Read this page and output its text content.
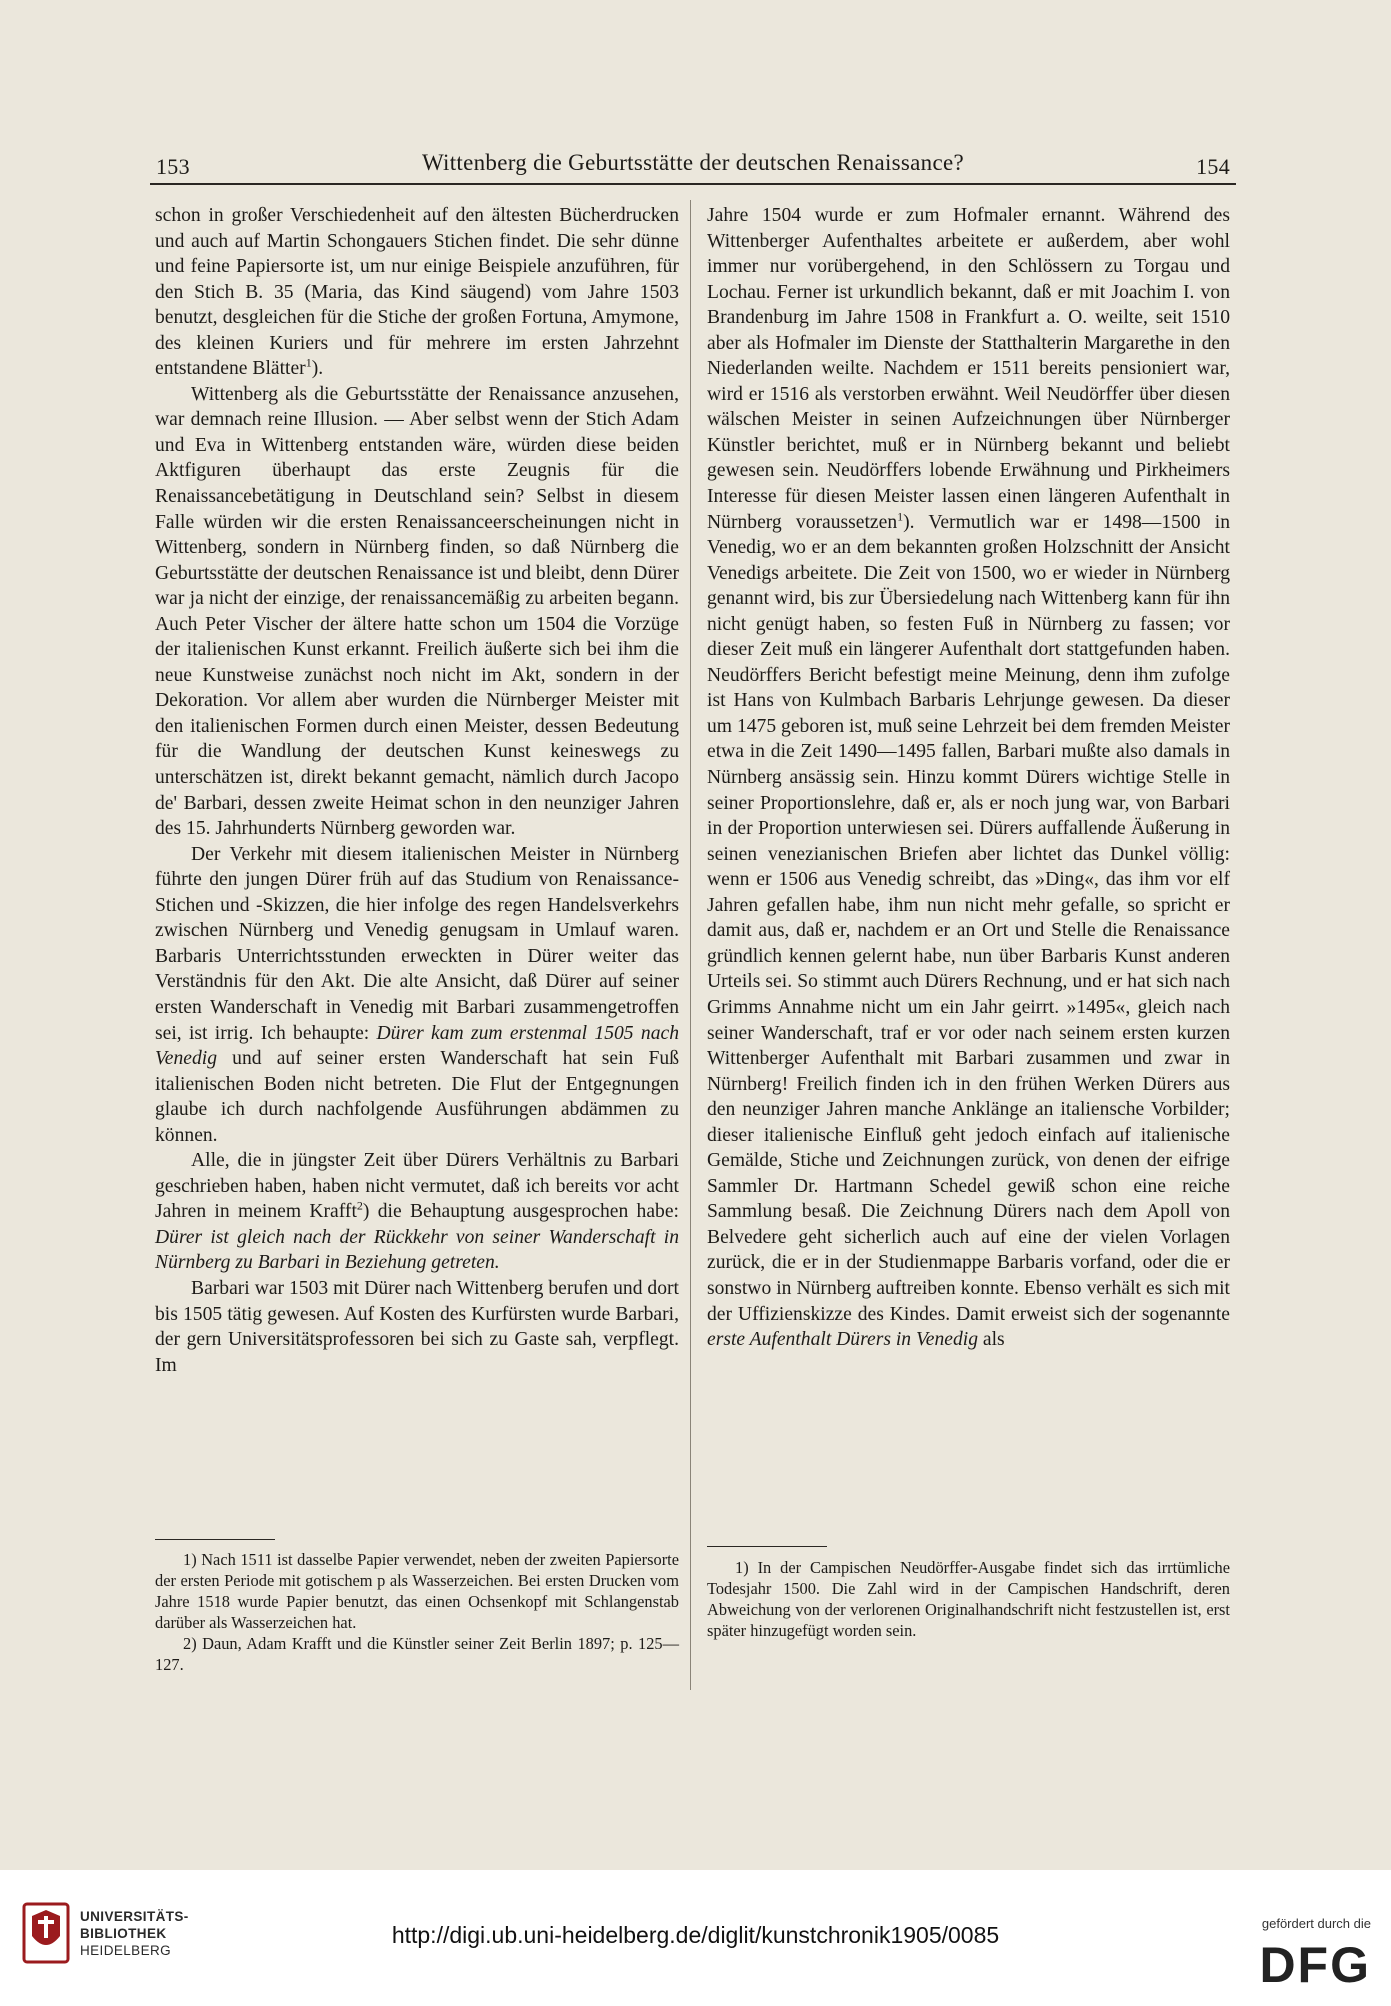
153	Wittenberg die Geburtsstätte der deutschen Renaissance?	154

schon in großer Verschiedenheit auf den ältesten Bücherdrucken und auch auf Martin Schongauers Stichen findet. Die sehr dünne und feine Papiersorte ist, um nur einige Beispiele anzuführen, für den Stich B. 35 (Maria, das Kind säugend) vom Jahre 1503 benutzt, desgleichen für die Stiche der großen Fortuna, Amymone, des kleinen Kuriers und für mehrere im ersten Jahrzehnt entstandene Blätter$^1$).

Wittenberg als die Geburtsstätte der Renaissance anzusehen, war demnach reine Illusion. — Aber selbst wenn der Stich Adam und Eva in Wittenberg entstanden wäre, würden diese beiden Aktfiguren überhaupt das erste Zeugnis für die Renaissancebetätigung in Deutschland sein? Selbst in diesem Falle würden wir die ersten Renaissanceerscheinungen nicht in Wittenberg, sondern in Nürnberg finden, so daß Nürnberg die Geburtsstätte der deutschen Renaissance ist und bleibt, denn Dürer war ja nicht der einzige, der renaissancemäßig zu arbeiten begann. Auch Peter Vischer der ältere hatte schon um 1504 die Vorzüge der italienischen Kunst erkannt. Freilich äußerte sich bei ihm die neue Kunstweise zunächst noch nicht im Akt, sondern in der Dekoration. Vor allem aber wurden die Nürnberger Meister mit den italienischen Formen durch einen Meister, dessen Bedeutung für die Wandlung der deutschen Kunst keineswegs zu unterschätzen ist, direkt bekannt gemacht, nämlich durch Jacopo de' Barbari, dessen zweite Heimat schon in den neunziger Jahren des 15. Jahrhunderts Nürnberg geworden war.

Der Verkehr mit diesem italienischen Meister in Nürnberg führte den jungen Dürer früh auf das Studium von Renaissance-Stichen und -Skizzen, die hier infolge des regen Handelsverkehrs zwischen Nürnberg und Venedig genugsam in Umlauf waren. Barbaris Unterrichtsstunden erweckten in Dürer weiter das Verständnis für den Akt. Die alte Ansicht, daß Dürer auf seiner ersten Wanderschaft in Venedig mit Barbari zusammengetroffen sei, ist irrig. Ich behaupte: Dürer kam zum erstenmal 1505 nach Venedig und auf seiner ersten Wanderschaft hat sein Fuß italienischen Boden nicht betreten. Die Flut der Entgegnungen glaube ich durch nachfolgende Ausführungen abdämmen zu können.

Alle, die in jüngster Zeit über Dürers Verhältnis zu Barbari geschrieben haben, haben nicht vermutet, daß ich bereits vor acht Jahren in meinem Krafft$^2$) die Behauptung ausgesprochen habe: Dürer ist gleich nach der Rückkehr von seiner Wanderschaft in Nürnberg zu Barbari in Beziehung getreten.

Barbari war 1503 mit Dürer nach Wittenberg berufen und dort bis 1505 tätig gewesen. Auf Kosten des Kurfürsten wurde Barbari, der gern Universitätsprofessoren bei sich zu Gaste sah, verpflegt. Im

Jahre 1504 wurde er zum Hofmaler ernannt. Während des Wittenberger Aufenthaltes arbeitete er außerdem, aber wohl immer nur vorübergehend, in den Schlössern zu Torgau und Lochau. Ferner ist urkundlich bekannt, daß er mit Joachim I. von Brandenburg im Jahre 1508 in Frankfurt a. O. weilte, seit 1510 aber als Hofmaler im Dienste der Statthalterin Margarethe in den Niederlanden weilte. Nachdem er 1511 bereits pensioniert war, wird er 1516 als verstorben erwähnt. Weil Neudörffer über diesen wälschen Meister in seinen Aufzeichnungen über Nürnberger Künstler berichtet, muß er in Nürnberg bekannt und beliebt gewesen sein. Neudörffers lobende Erwähnung und Pirkheimers Interesse für diesen Meister lassen einen längeren Aufenthalt in Nürnberg voraussetzen$^1$). Vermutlich war er 1498—1500 in Venedig, wo er an dem bekannten großen Holzschnitt der Ansicht Venedigs arbeitete. Die Zeit von 1500, wo er wieder in Nürnberg genannt wird, bis zur Übersiedelung nach Wittenberg kann für ihn nicht genügt haben, so festen Fuß in Nürnberg zu fassen; vor dieser Zeit muß ein längerer Aufenthalt dort stattgefunden haben. Neudörffers Bericht befestigt meine Meinung, denn ihm zufolge ist Hans von Kulmbach Barbaris Lehrjunge gewesen. Da dieser um 1475 geboren ist, muß seine Lehrzeit bei dem fremden Meister etwa in die Zeit 1490—1495 fallen, Barbari mußte also damals in Nürnberg ansässig sein. Hinzu kommt Dürers wichtige Stelle in seiner Proportionslehre, daß er, als er noch jung war, von Barbari in der Proportion unterwiesen sei. Dürers auffallende Äußerung in seinen venezianischen Briefen aber lichtet das Dunkel völlig: wenn er 1506 aus Venedig schreibt, das »Ding«, das ihm vor elf Jahren gefallen habe, ihm nun nicht mehr gefalle, so spricht er damit aus, daß er, nachdem er an Ort und Stelle die Renaissance gründlich kennen gelernt habe, nun über Barbaris Kunst anderen Urteils sei. So stimmt auch Dürers Rechnung, und er hat sich nach Grimms Annahme nicht um ein Jahr geirrt. »1495«, gleich nach seiner Wanderschaft, traf er vor oder nach seinem ersten kurzen Wittenberger Aufenthalt mit Barbari zusammen und zwar in Nürnberg! Freilich finden ich in den frühen Werken Dürers aus den neunziger Jahren manche Anklänge an italiensche Vorbilder; dieser italienische Einfluß geht jedoch einfach auf italienische Gemälde, Stiche und Zeichnungen zurück, von denen der eifrige Sammler Dr. Hartmann Schedel gewiß schon eine reiche Sammlung besaß. Die Zeichnung Dürers nach dem Apoll von Belvedere geht sicherlich auch auf eine der vielen Vorlagen zurück, die er in der Studienmappe Barbaris vorfand, oder die er sonstwo in Nürnberg auftreiben konnte. Ebenso verhält es sich mit der Uffizienskizze des Kindes. Damit erweist sich der sogenannte erste Aufenthalt Dürers in Venedig als

1) Nach 1511 ist dasselbe Papier verwendet, neben der zweiten Papiersorte der ersten Periode mit gotischem p als Wasserzeichen. Bei ersten Drucken vom Jahre 1518 wurde Papier benutzt, das einen Ochsenkopf mit Schlangenstab darüber als Wasserzeichen hat.

2) Daun, Adam Krafft und die Künstler seiner Zeit Berlin 1897; p. 125—127.

1) In der Campischen Neudörffer-Ausgabe findet sich das irrtümliche Todesjahr 1500. Die Zahl wird in der Campischen Handschrift, deren Abweichung von der verlorenen Originalhandschrift nicht festzustellen ist, erst später hinzugefügt worden sein.

UNIVERSITÄTS-
BIBLIOTHEK
HEIDELBERG
http://digi.ub.uni-heidelberg.de/diglit/kunstchronik1905/0085	gefördert durch die
DFG
